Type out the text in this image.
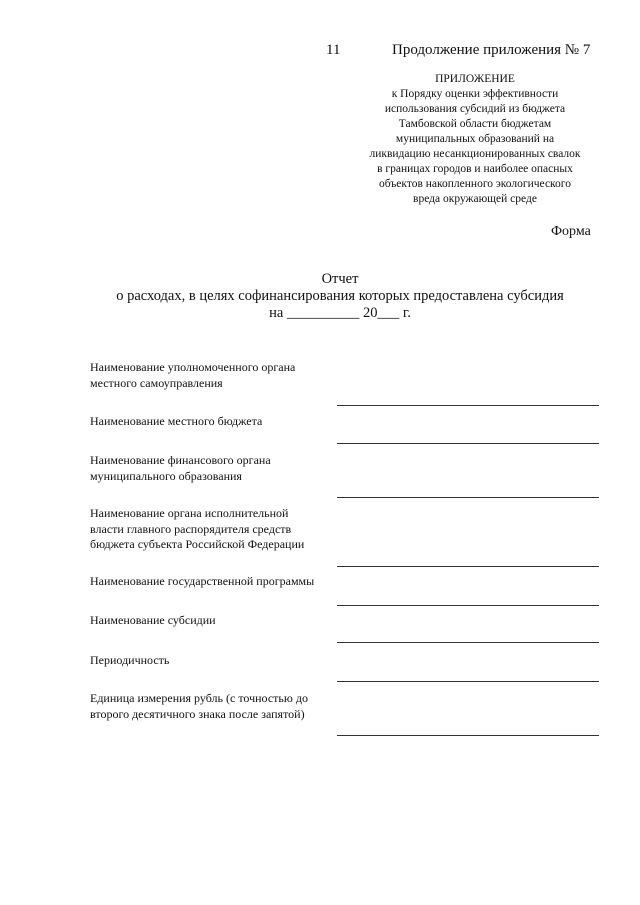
11	Продолжение приложения № 7
ПРИЛОЖЕНИЕ
к Порядку оценки эффективности
использования субсидий из бюджета
Тамбовской области бюджетам
муниципальных образований на
ликвидацию несанкционированных свалок
в границах городов и наиболее опасных
объектов накопленного экологического
вреда окружающей среде
Форма
Отчет
о расходах, в целях софинансирования которых предоставлена субсидия
на __________ 20___ г.
Наименование уполномоченного органа
местного самоуправления
Наименование местного бюджета
Наименование финансового органа
муниципального образования
Наименование органа исполнительной
власти главного распорядителя средств
бюджета субъекта Российской Федерации
Наименование государственной программы
Наименование субсидии
Периодичность
Единица измерения рубль (с точностью до
второго десятичного знака после запятой)
